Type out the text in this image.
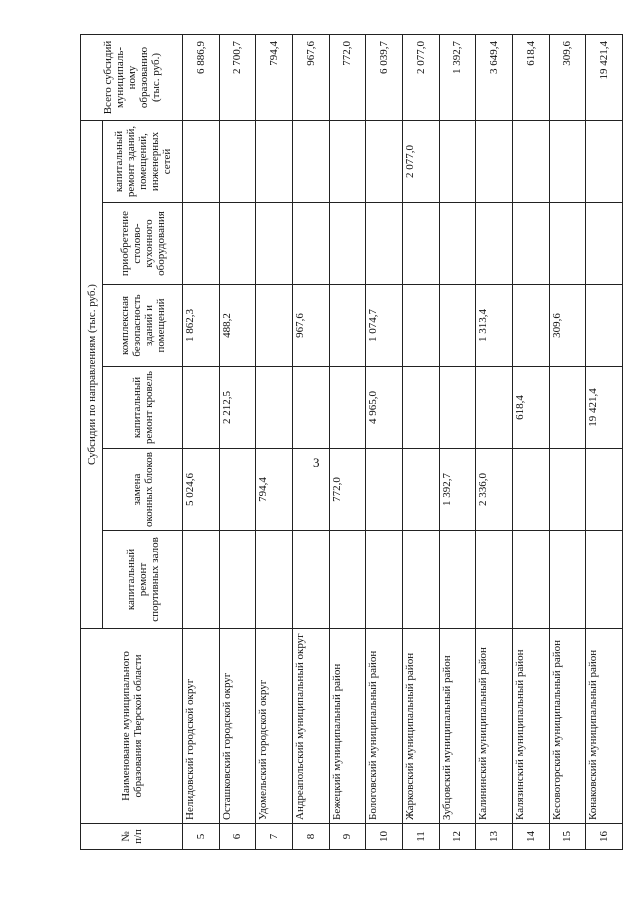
3
№ п/п	Наименование муниципального образования Тверской области	Субсидии по направлениям (тыс. руб.)						Всего субсидий муниципаль-ному образованию (тыс. руб.)
		капитальный ремонт спортивных залов	замена оконных блоков	капитальный ремонт кровель	комплексная безопасность зданий и помещений	приобретение столово-кухонного оборудования	капитальный ремонт зданий, помещений, инженерных сетей	
5	Нелидовский городской округ		5 024,6		1 862,3			6 886,9
6	Осташковский городской округ			2 212,5	488,2			2 700,7
7	Удомельский городской округ		794,4					794,4
8	Андреапольский муниципальный округ				967,6			967,6
9	Бежецкий муниципальный район		772,0					772,0
10	Бологовский муниципальный район			4 965,0	1 074,7			6 039,7
11	Жарковский муниципальный район						2 077,0	2 077,0
12	Зубцовский муниципальный район		1 392,7					1 392,7
13	Калининский муниципальный район		2 336,0		1 313,4			3 649,4
14	Калязинский муниципальный район			618,4				618,4
15	Кесовогорский муниципальный район				309,6			309,6
16	Конаковский муниципальный район			19 421,4				19 421,4
